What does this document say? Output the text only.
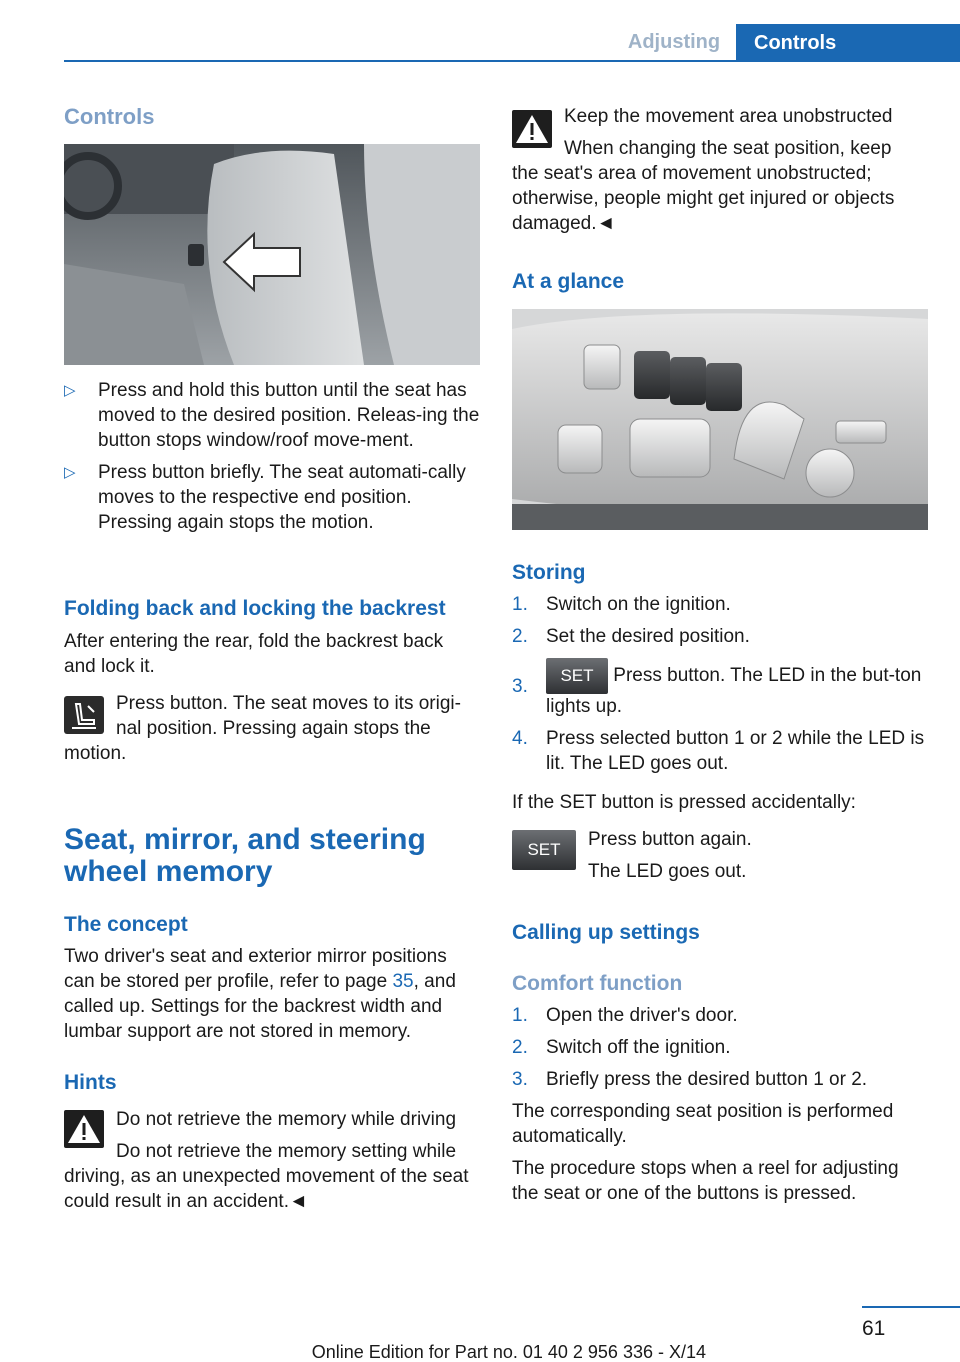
Adjusting	Controls
Controls
▷	Press and hold this button until the seat has moved to the desired position. Releas-ing the button stops window/roof move-ment.
▷	Press button briefly. The seat automati-cally moves to the respective end position. Pressing again stops the motion.
Folding back and locking the backrest

After entering the rear, fold the backrest back and lock it.

Press button. The seat moves to its origi-nal position. Pressing again stops the

motion.

Seat, mirror, and steering
wheel memory
The concept

Two driver's seat and exterior mirror positions can be stored per profile, refer to page 35, and called up. Settings for the backrest width and lumbar support are not stored in memory.

Hints

Do not retrieve the memory while driving

Do not retrieve the memory setting while

driving, as an unexpected movement of the seat could result in an accident.◄

Keep the movement area unobstructed

When changing the seat position, keep

the seat's area of movement unobstructed; otherwise, people might get injured or objects damaged.◄

At a glance
Storing
1. Switch on the ignition.
2. Set the desired position.
3.
SET Press button. The LED in the but-ton lights up.
4. Press selected button 1 or 2 while the LED is lit. The LED goes out.

If the SET button is pressed accidentally:

SET	Press button again.

The LED goes out.

Calling up settings
Comfort function
1. Open the driver's door.
2. Switch off the ignition.
3. Briefly press the desired button 1 or 2.

The corresponding seat position is performed automatically.

The procedure stops when a reel for adjusting the seat or one of the buttons is pressed.

61
Online Edition for Part no. 01 40 2 956 336 - X/14
